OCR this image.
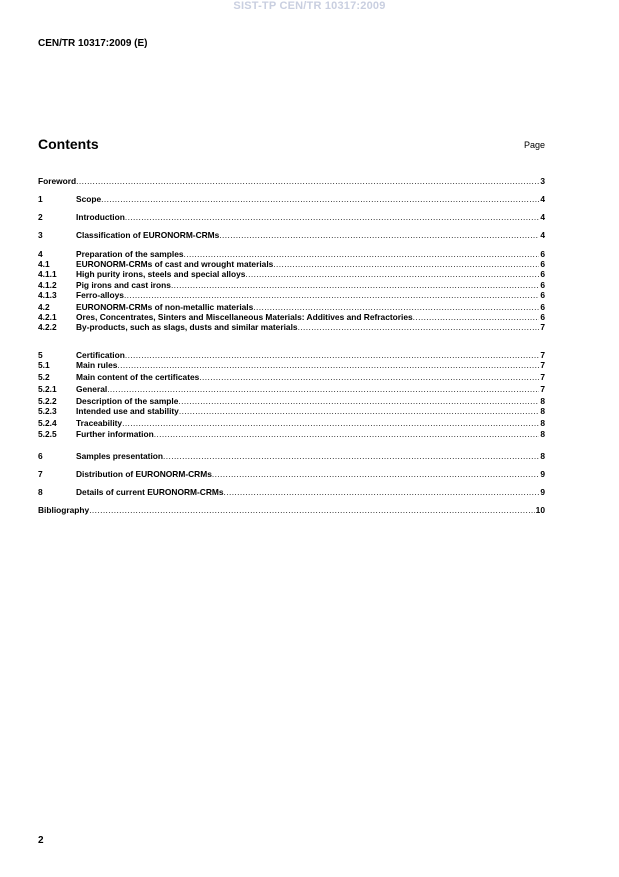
SIST-TP CEN/TR 10317:2009
CEN/TR 10317:2009 (E)
Contents	Page
Foreword .....	3
1	Scope .....	4
2	Introduction .....	4
3	Classification of EURONORM-CRMs .....	4
4	Preparation of the samples .....	6
4.1	EURONORM-CRMs of cast and wrought materials .....	6
4.1.1	High purity irons, steels and special alloys .....	6
4.1.2	Pig irons and cast irons .....	6
4.1.3	Ferro-alloys .....	6
4.2	EURONORM-CRMs of non-metallic materials .....	6
4.2.1	Ores, Concentrates, Sinters and Miscellaneous Materials: Additives and Refractories .....	6
4.2.2	By-products, such as slags, dusts and similar materials .....	7
5	Certification .....	7
5.1	Main rules .....	7
5.2	Main content of the certificates .....	7
5.2.1	General .....	7
5.2.2	Description of the sample .....	8
5.2.3	Intended use and stability .....	8
5.2.4	Traceability .....	8
5.2.5	Further information .....	8
6	Samples presentation .....	8
7	Distribution of EURONORM-CRMs .....	9
8	Details of current EURONORM-CRMs .....	9
Bibliography .....	10
2
